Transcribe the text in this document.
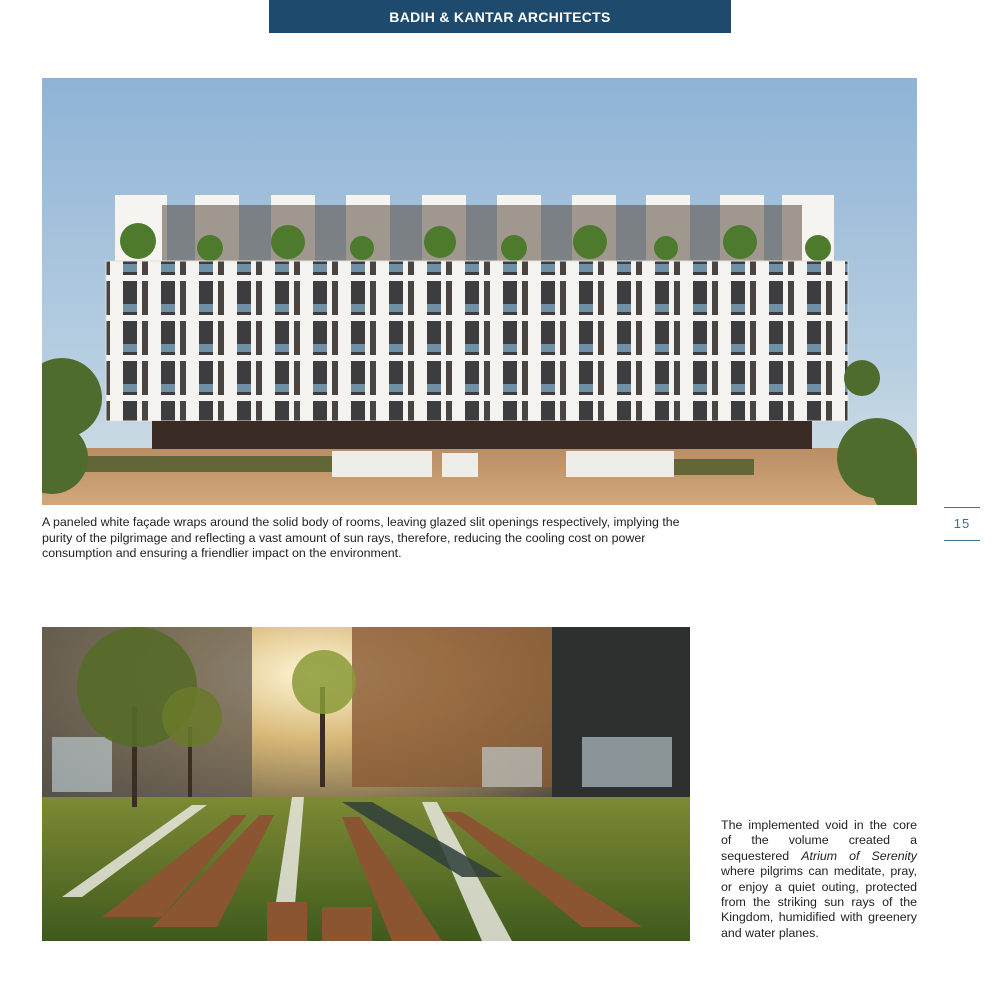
BADIH & KANTAR ARCHITECTS
A paneled white façade wraps around the solid body of rooms, leaving glazed slit openings respectively, implying the purity of the pilgrimage and reflecting a vast amount of sun rays, therefore, reducing the cooling cost on power consumption and ensuring a friendlier impact on the environment.
15
The implemented void in the core of the volume created a sequestered Atrium of Serenity where pilgrims can meditate, pray, or enjoy a quiet outing, protected from the striking sun rays of the Kingdom, humidified with greenery and water planes.
